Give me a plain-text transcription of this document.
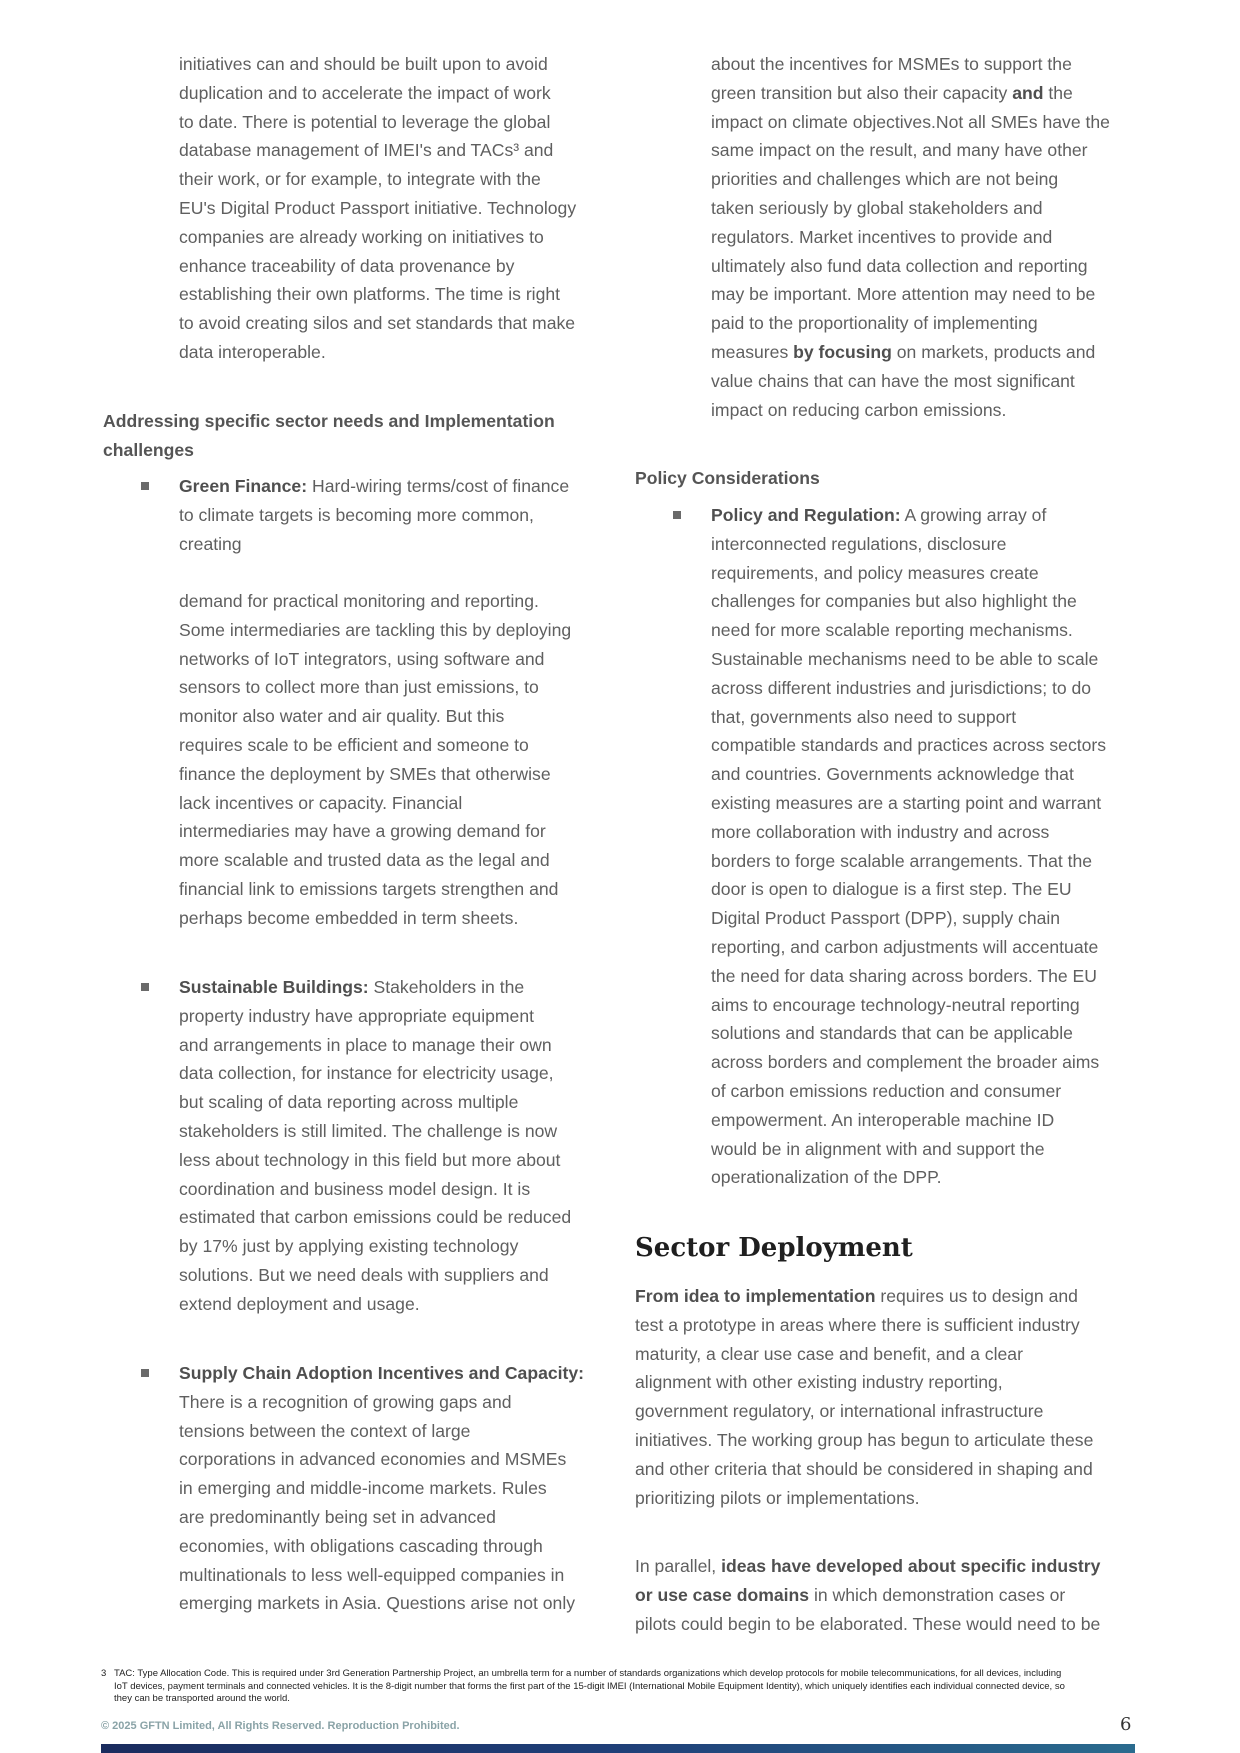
initiatives can and should be built upon to avoid

duplication and to accelerate the impact of work

to date. There is potential to leverage the global

database management of IMEI's and TACs³ and

their work, or for example, to integrate with the

EU's Digital Product Passport initiative. Technology

companies are already working on initiatives to

enhance traceability of data provenance by

establishing their own platforms. The time is right

to avoid creating silos and set standards that make

data interoperable.

Addressing specific sector needs and Implementation

challenges

Green Finance: Hard-wiring terms/cost of finance

to climate targets is becoming more common,

creating

demand for practical monitoring and reporting.

Some intermediaries are tackling this by deploying

networks of IoT integrators, using software and

sensors to collect more than just emissions, to

monitor also water and air quality. But this

requires scale to be efficient and someone to

finance the deployment by SMEs that otherwise

lack incentives or capacity. Financial

intermediaries may have a growing demand for

more scalable and trusted data as the legal and

financial link to emissions targets strengthen and

perhaps become embedded in term sheets.

Sustainable Buildings: Stakeholders in the

property industry have appropriate equipment

and arrangements in place to manage their own

data collection, for instance for electricity usage,

but scaling of data reporting across multiple

stakeholders is still limited. The challenge is now

less about technology in this field but more about

coordination and business model design. It is

estimated that carbon emissions could be reduced

by 17% just by applying existing technology

solutions. But we need deals with suppliers and

extend deployment and usage.

Supply Chain Adoption Incentives and Capacity:

There is a recognition of growing gaps and

tensions between the context of large

corporations in advanced economies and MSMEs

in emerging and middle-income markets. Rules

are predominantly being set in advanced

economies, with obligations cascading through

multinationals to less well-equipped companies in

emerging markets in Asia. Questions arise not only

about the incentives for MSMEs to support the

green transition but also their capacity and the

impact on climate objectives.Not all SMEs have the

same impact on the result, and many have other

priorities and challenges which are not being

taken seriously by global stakeholders and

regulators. Market incentives to provide and

ultimately also fund data collection and reporting

may be important. More attention may need to be

paid to the proportionality of implementing

measures by focusing on markets, products and

value chains that can have the most significant

impact on reducing carbon emissions.

Policy Considerations

Policy and Regulation: A growing array of

interconnected regulations, disclosure

requirements, and policy measures create

challenges for companies but also highlight the

need for more scalable reporting mechanisms.

Sustainable mechanisms need to be able to scale

across different industries and jurisdictions; to do

that, governments also need to support

compatible standards and practices across sectors

and countries. Governments acknowledge that

existing measures are a starting point and warrant

more collaboration with industry and across

borders to forge scalable arrangements. That the

door is open to dialogue is a first step. The EU

Digital Product Passport (DPP), supply chain

reporting, and carbon adjustments will accentuate

the need for data sharing across borders. The EU

aims to encourage technology-neutral reporting

solutions and standards that can be applicable

across borders and complement the broader aims

of carbon emissions reduction and consumer

empowerment. An interoperable machine ID

would be in alignment with and support the

operationalization of the DPP.

Sector Deployment

From idea to implementation requires us to design and

test a prototype in areas where there is sufficient industry

maturity, a clear use case and benefit, and a clear

alignment with other existing industry reporting,

government regulatory, or international infrastructure

initiatives. The working group has begun to articulate these

and other criteria that should be considered in shaping and

prioritizing pilots or implementations.

In parallel, ideas have developed about specific industry

or use case domains in which demonstration cases or

pilots could begin to be elaborated. These would need to be

3 TAC: Type Allocation Code. This is required under 3rd Generation Partnership Project, an umbrella term for a number of standards organizations which develop protocols for mobile telecommunications, for all devices, including IoT devices, payment terminals and connected vehicles. It is the 8-digit number that forms the first part of the 15-digit IMEI (International Mobile Equipment Identity), which uniquely identifies each individual connected device, so they can be transported around the world.
© 2025 GFTN Limited, All Rights Reserved. Reproduction Prohibited.	6
